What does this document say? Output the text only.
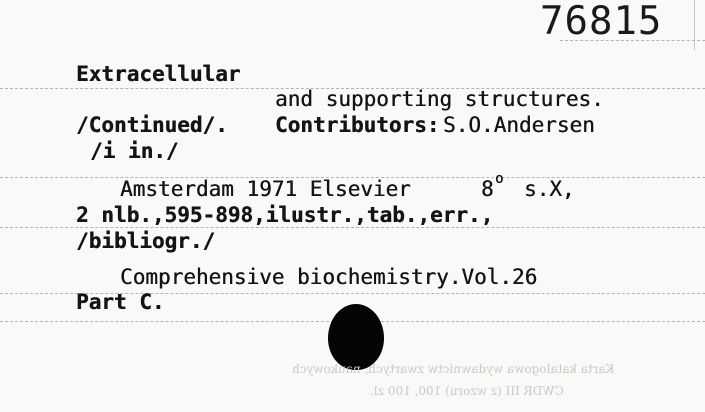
76815
Extracellular
and supporting structures.
/Continued/. Contributors: S.O.Andersen
/i in./
Amsterdam 1971 Elsevier	8 o s.X,
2 nlb.,595-898,ilustr.,tab.,err.,
/bibliogr./
Comprehensive biochemistry.Vol.26
Part C.
Karta katalogowa wydawnictw zwartych, naukowych
CWDR III (z wzoru) 100, 100 zl.
